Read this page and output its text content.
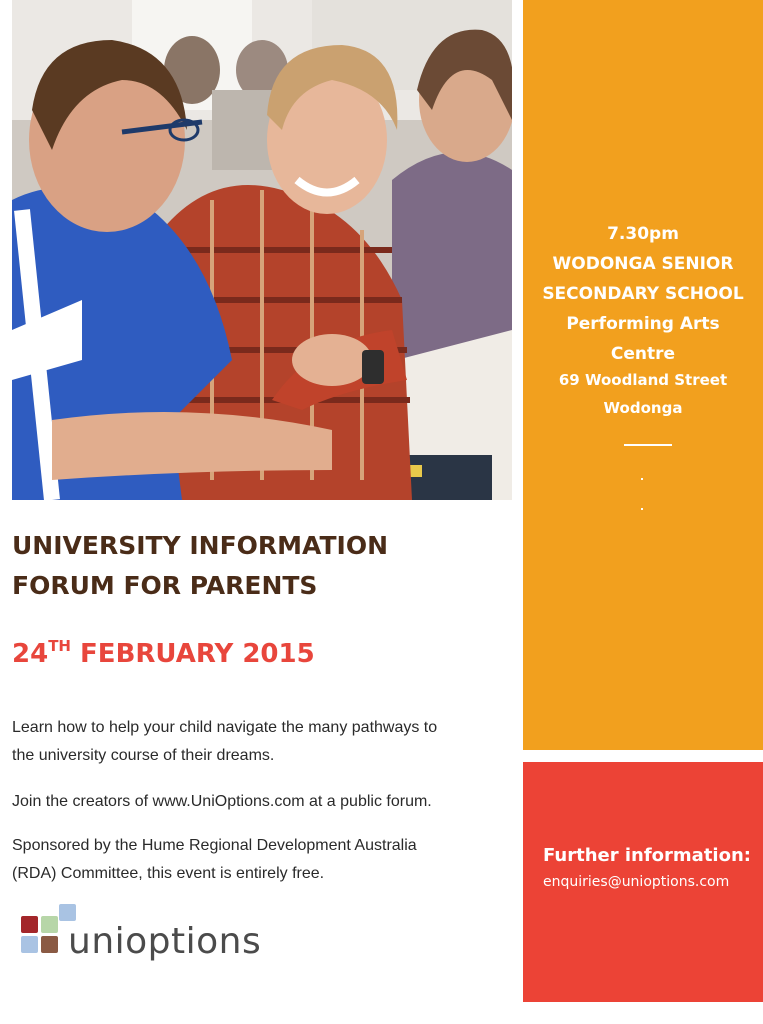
7.30pm
WODONGA SENIOR
SECONDARY SCHOOL
Performing Arts
Centre
69 Woodland Street
Wodonga
Further information:
enquiries@unioptions.com
UNIVERSITY INFORMATION
FORUM FOR PARENTS
24TH FEBRUARY 2015
Learn how to help your child navigate the many pathways to
the university course of their dreams.
Join the creators of www.UniOptions.com at a public forum.
Sponsored by the Hume Regional Development Australia
(RDA) Committee, this event is entirely free.
unioptions
